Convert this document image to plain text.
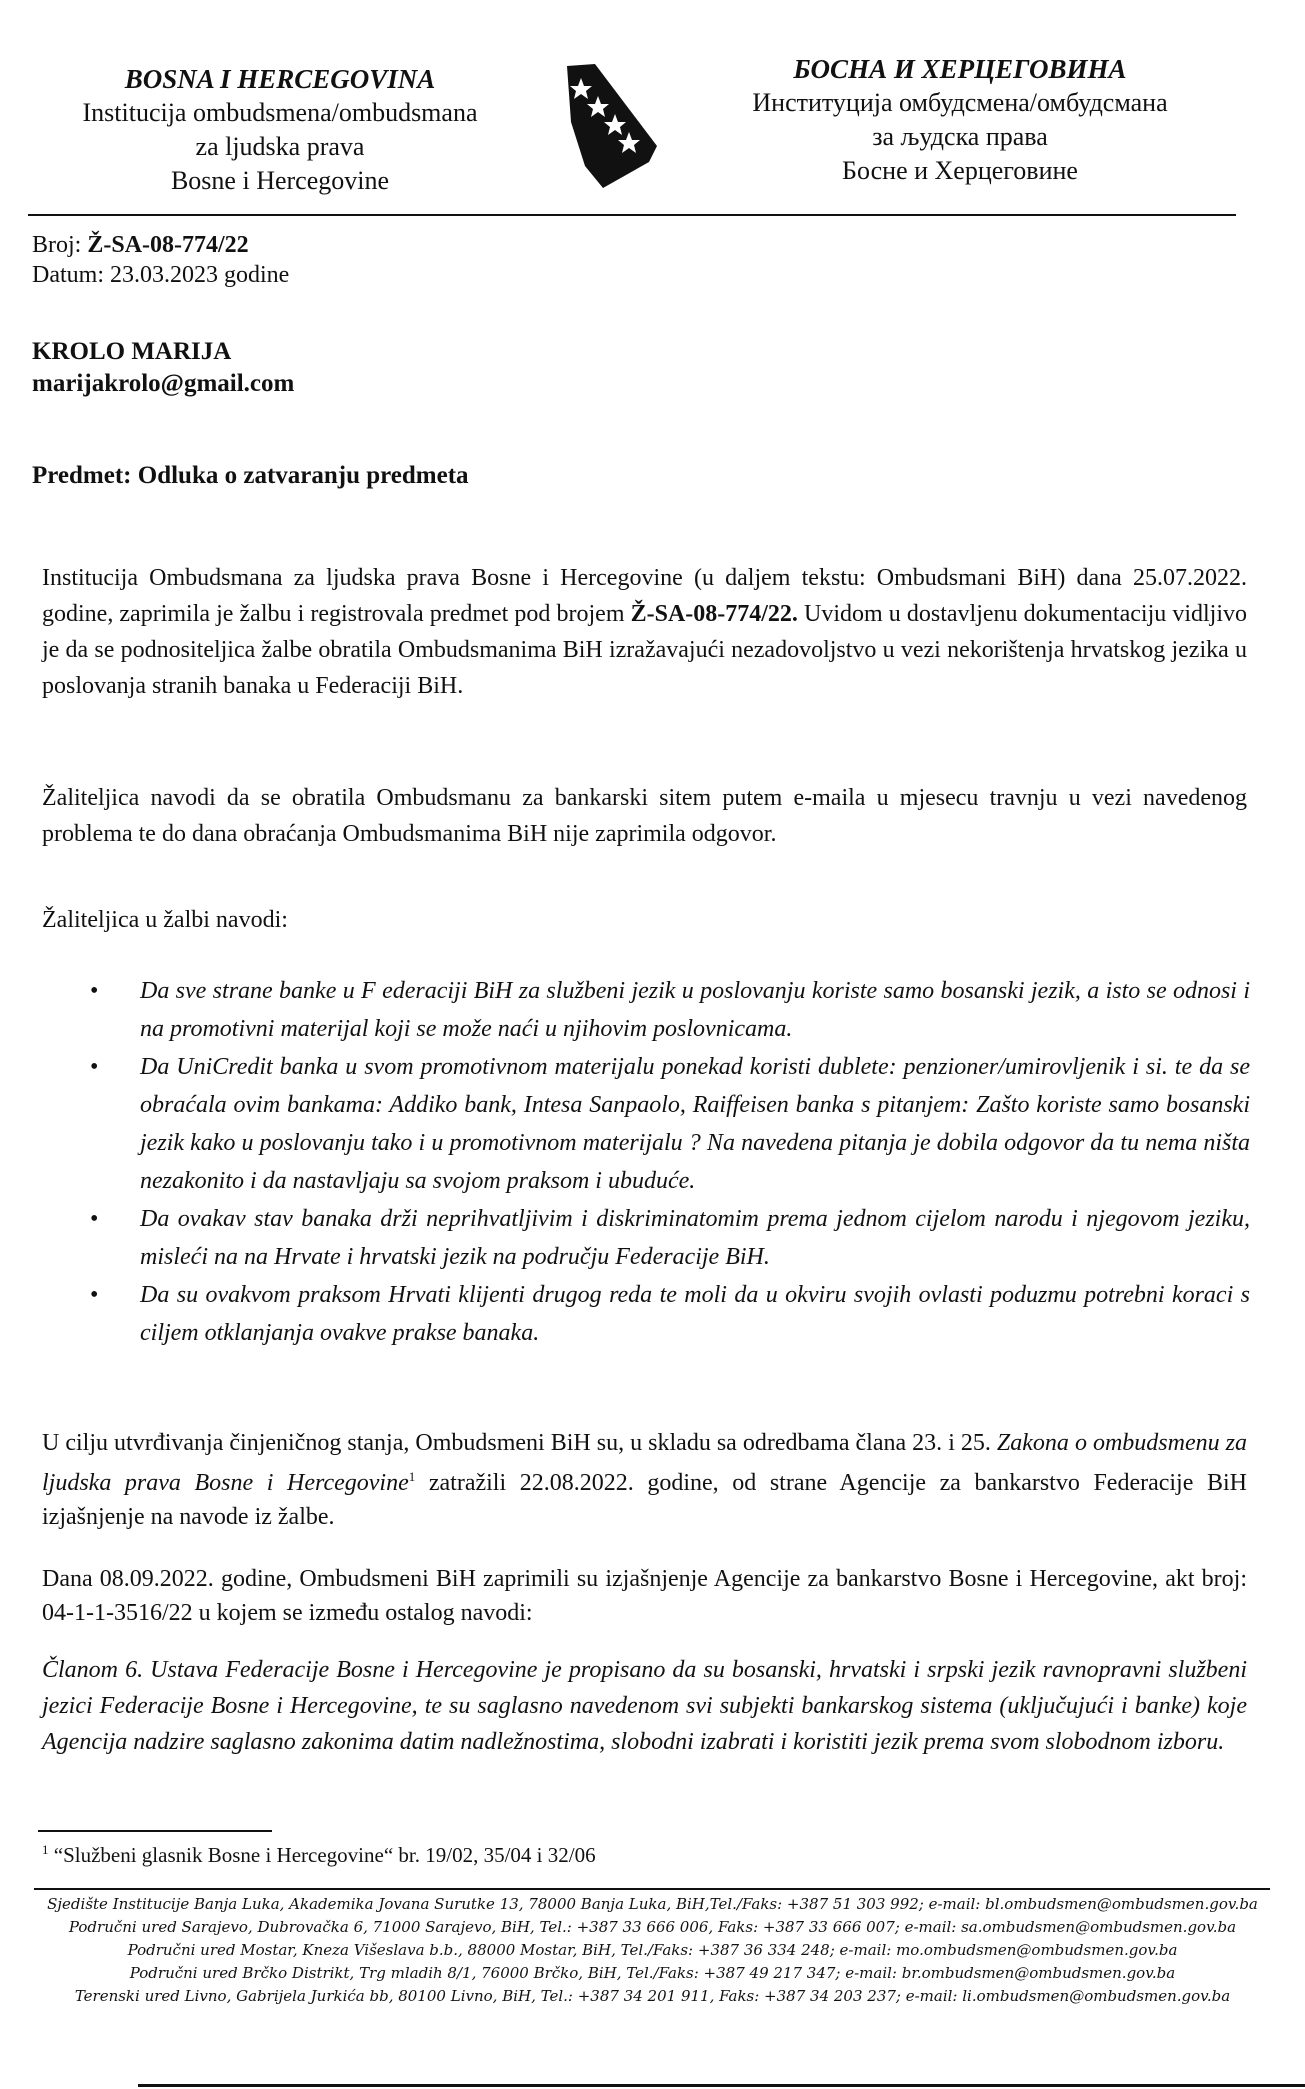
BOSNA I HERCEGOVINA
Institucija ombudsmena/ombudsmana
za ljudska prava
Bosne i Hercegovine
БОСНА И ХЕРЦЕГОВИНА
Институција омбудсмена/омбудсмана
за људска права
Босне и Херцеговине
Broj: Ž-SA-08-774/22
Datum: 23.03.2023 godine
KROLO MARIJA
marijakrolo@gmail.com
Predmet: Odluka o zatvaranju predmeta
Institucija Ombudsmana za ljudska prava Bosne i Hercegovine (u daljem tekstu: Ombudsmani BiH) dana 25.07.2022. godine, zaprimila je žalbu i registrovala predmet pod brojem Ž-SA-08-774/22. Uvidom u dostavljenu dokumentaciju vidljivo je da se podnositeljica žalbe obratila Ombudsmanima BiH izražavajući nezadovoljstvo u vezi nekorištenja hrvatskog jezika u poslovanja stranih banaka u Federaciji BiH.
Žaliteljica navodi da se obratila Ombudsmanu za bankarski sitem putem e-maila u mjesecu travnju u vezi navedenog problema te do dana obraćanja Ombudsmanima BiH nije zaprimila odgovor.
Žaliteljica u žalbi navodi:
• Da sve strane banke u F ederaciji BiH za službeni jezik u poslovanju koriste samo bosanski jezik, a isto se odnosi i na promotivni materijal koji se može naći u njihovim poslovnicama.
• Da UniCredit banka u svom promotivnom materijalu ponekad koristi dublete: penzioner/umirovljenik i si. te da se obraćala ovim bankama: Addiko bank, Intesa Sanpaolo, Raiffeisen banka s pitanjem: Zašto koriste samo bosanski jezik kako u poslovanju tako i u promotivnom materijalu ? Na navedena pitanja je dobila odgovor da tu nema ništa nezakonito i da nastavljaju sa svojom praksom i ubuduće.
• Da ovakav stav banaka drži neprihvatljivim i diskriminatomim prema jednom cijelom narodu i njegovom jeziku, misleći na na Hrvate i hrvatski jezik na području Federacije BiH.
• Da su ovakvom praksom Hrvati klijenti drugog reda te moli da u okviru svojih ovlasti poduzmu potrebni koraci s ciljem otklanjanja ovakve prakse banaka.
U cilju utvrđivanja činjeničnog stanja, Ombudsmeni BiH su, u skladu sa odredbama člana 23. i 25. Zakona o ombudsmenu za ljudska prava Bosne i Hercegovine$^1$ zatražili 22.08.2022. godine, od strane Agencije za bankarstvo Federacije BiH izjašnjenje na navode iz žalbe.
Dana 08.09.2022. godine, Ombudsmeni BiH zaprimili su izjašnjenje Agencije za bankarstvo Bosne i Hercegovine, akt broj: 04-1-1-3516/22 u kojem se između ostalog navodi:
Članom 6. Ustava Federacije Bosne i Hercegovine je propisano da su bosanski, hrvatski i srpski jezik ravnopravni službeni jezici Federacije Bosne i Hercegovine, te su saglasno navedenom svi subjekti bankarskog sistema (uključujući i banke) koje Agencija nadzire saglasno zakonima datim nadležnostima, slobodni izabrati i koristiti jezik prema svom slobodnom izboru.
$^1$ “Službeni glasnik Bosne i Hercegovine“ br. 19/02, 35/04 i 32/06
Sjedište Institucije Banja Luka, Akademika Jovana Surutke 13, 78000 Banja Luka, BiH,Tel./Faks: +387 51 303 992; e-mail: bl.ombudsmen@ombudsmen.gov.ba
Područni ured Sarajevo, Dubrovačka 6, 71000 Sarajevo, BiH, Tel.: +387 33 666 006, Faks: +387 33 666 007; e-mail: sa.ombudsmen@ombudsmen.gov.ba
Područni ured Mostar, Kneza Višeslava b.b., 88000 Mostar, BiH, Tel./Faks: +387 36 334 248; e-mail: mo.ombudsmen@ombudsmen.gov.ba
Područni ured Brčko Distrikt, Trg mladih 8/1, 76000 Brčko, BiH, Tel./Faks: +387 49 217 347; e-mail: br.ombudsmen@ombudsmen.gov.ba
Terenski ured Livno, Gabrijela Jurkića bb, 80100 Livno, BiH, Tel.: +387 34 201 911, Faks: +387 34 203 237; e-mail: li.ombudsmen@ombudsmen.gov.ba
